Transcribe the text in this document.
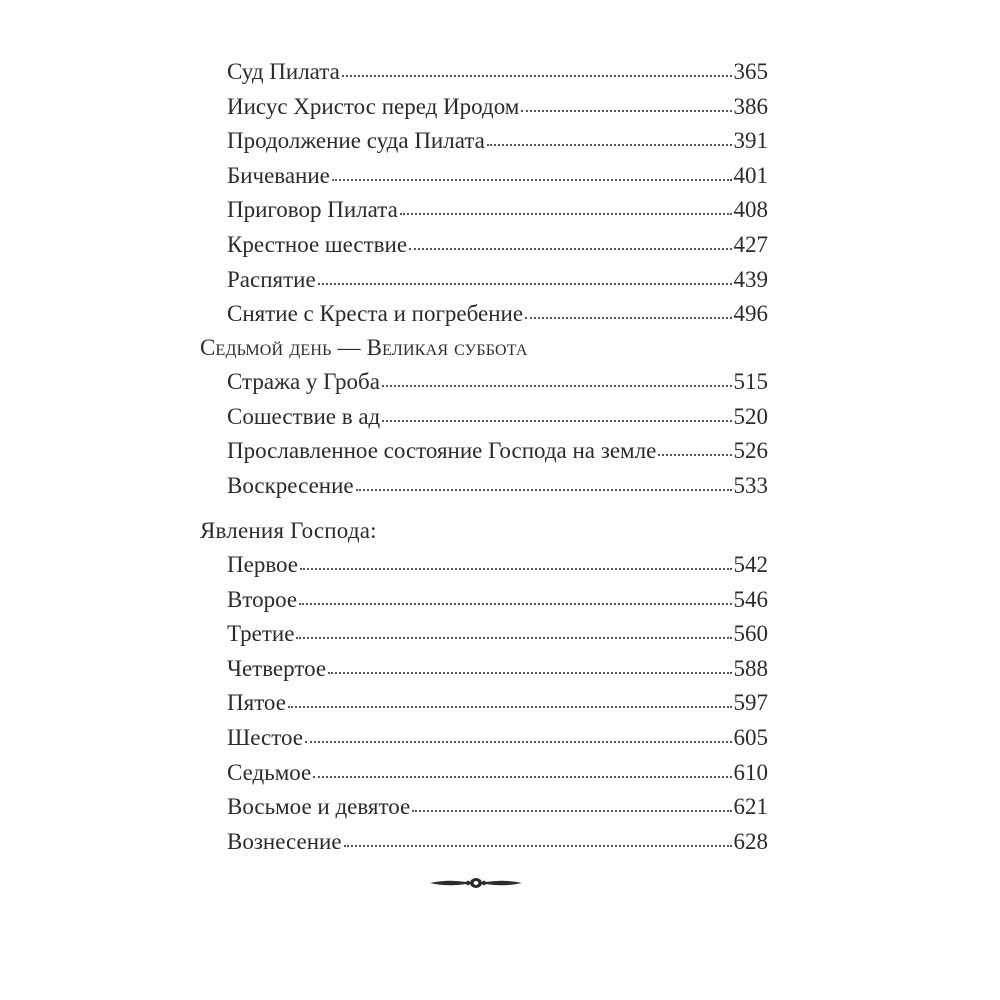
Суд Пилата	365
Иисус Христос перед Иродом	386
Продолжение суда Пилата	391
Бичевание	401
Приговор Пилата	408
Крестное шествие	427
Распятие	439
Снятие с Креста и погребение	496
Седьмой день — Великая суббота
Стража у Гроба	515
Сошествие в ад	520
Прославленное состояние Господа на земле	526
Воскресение	533
Явления Господа:
Первое	542
Второе	546
Третие	560
Четвертое	588
Пятое	597
Шестое	605
Седьмое	610
Восьмое и девятое	621
Вознесение	628
